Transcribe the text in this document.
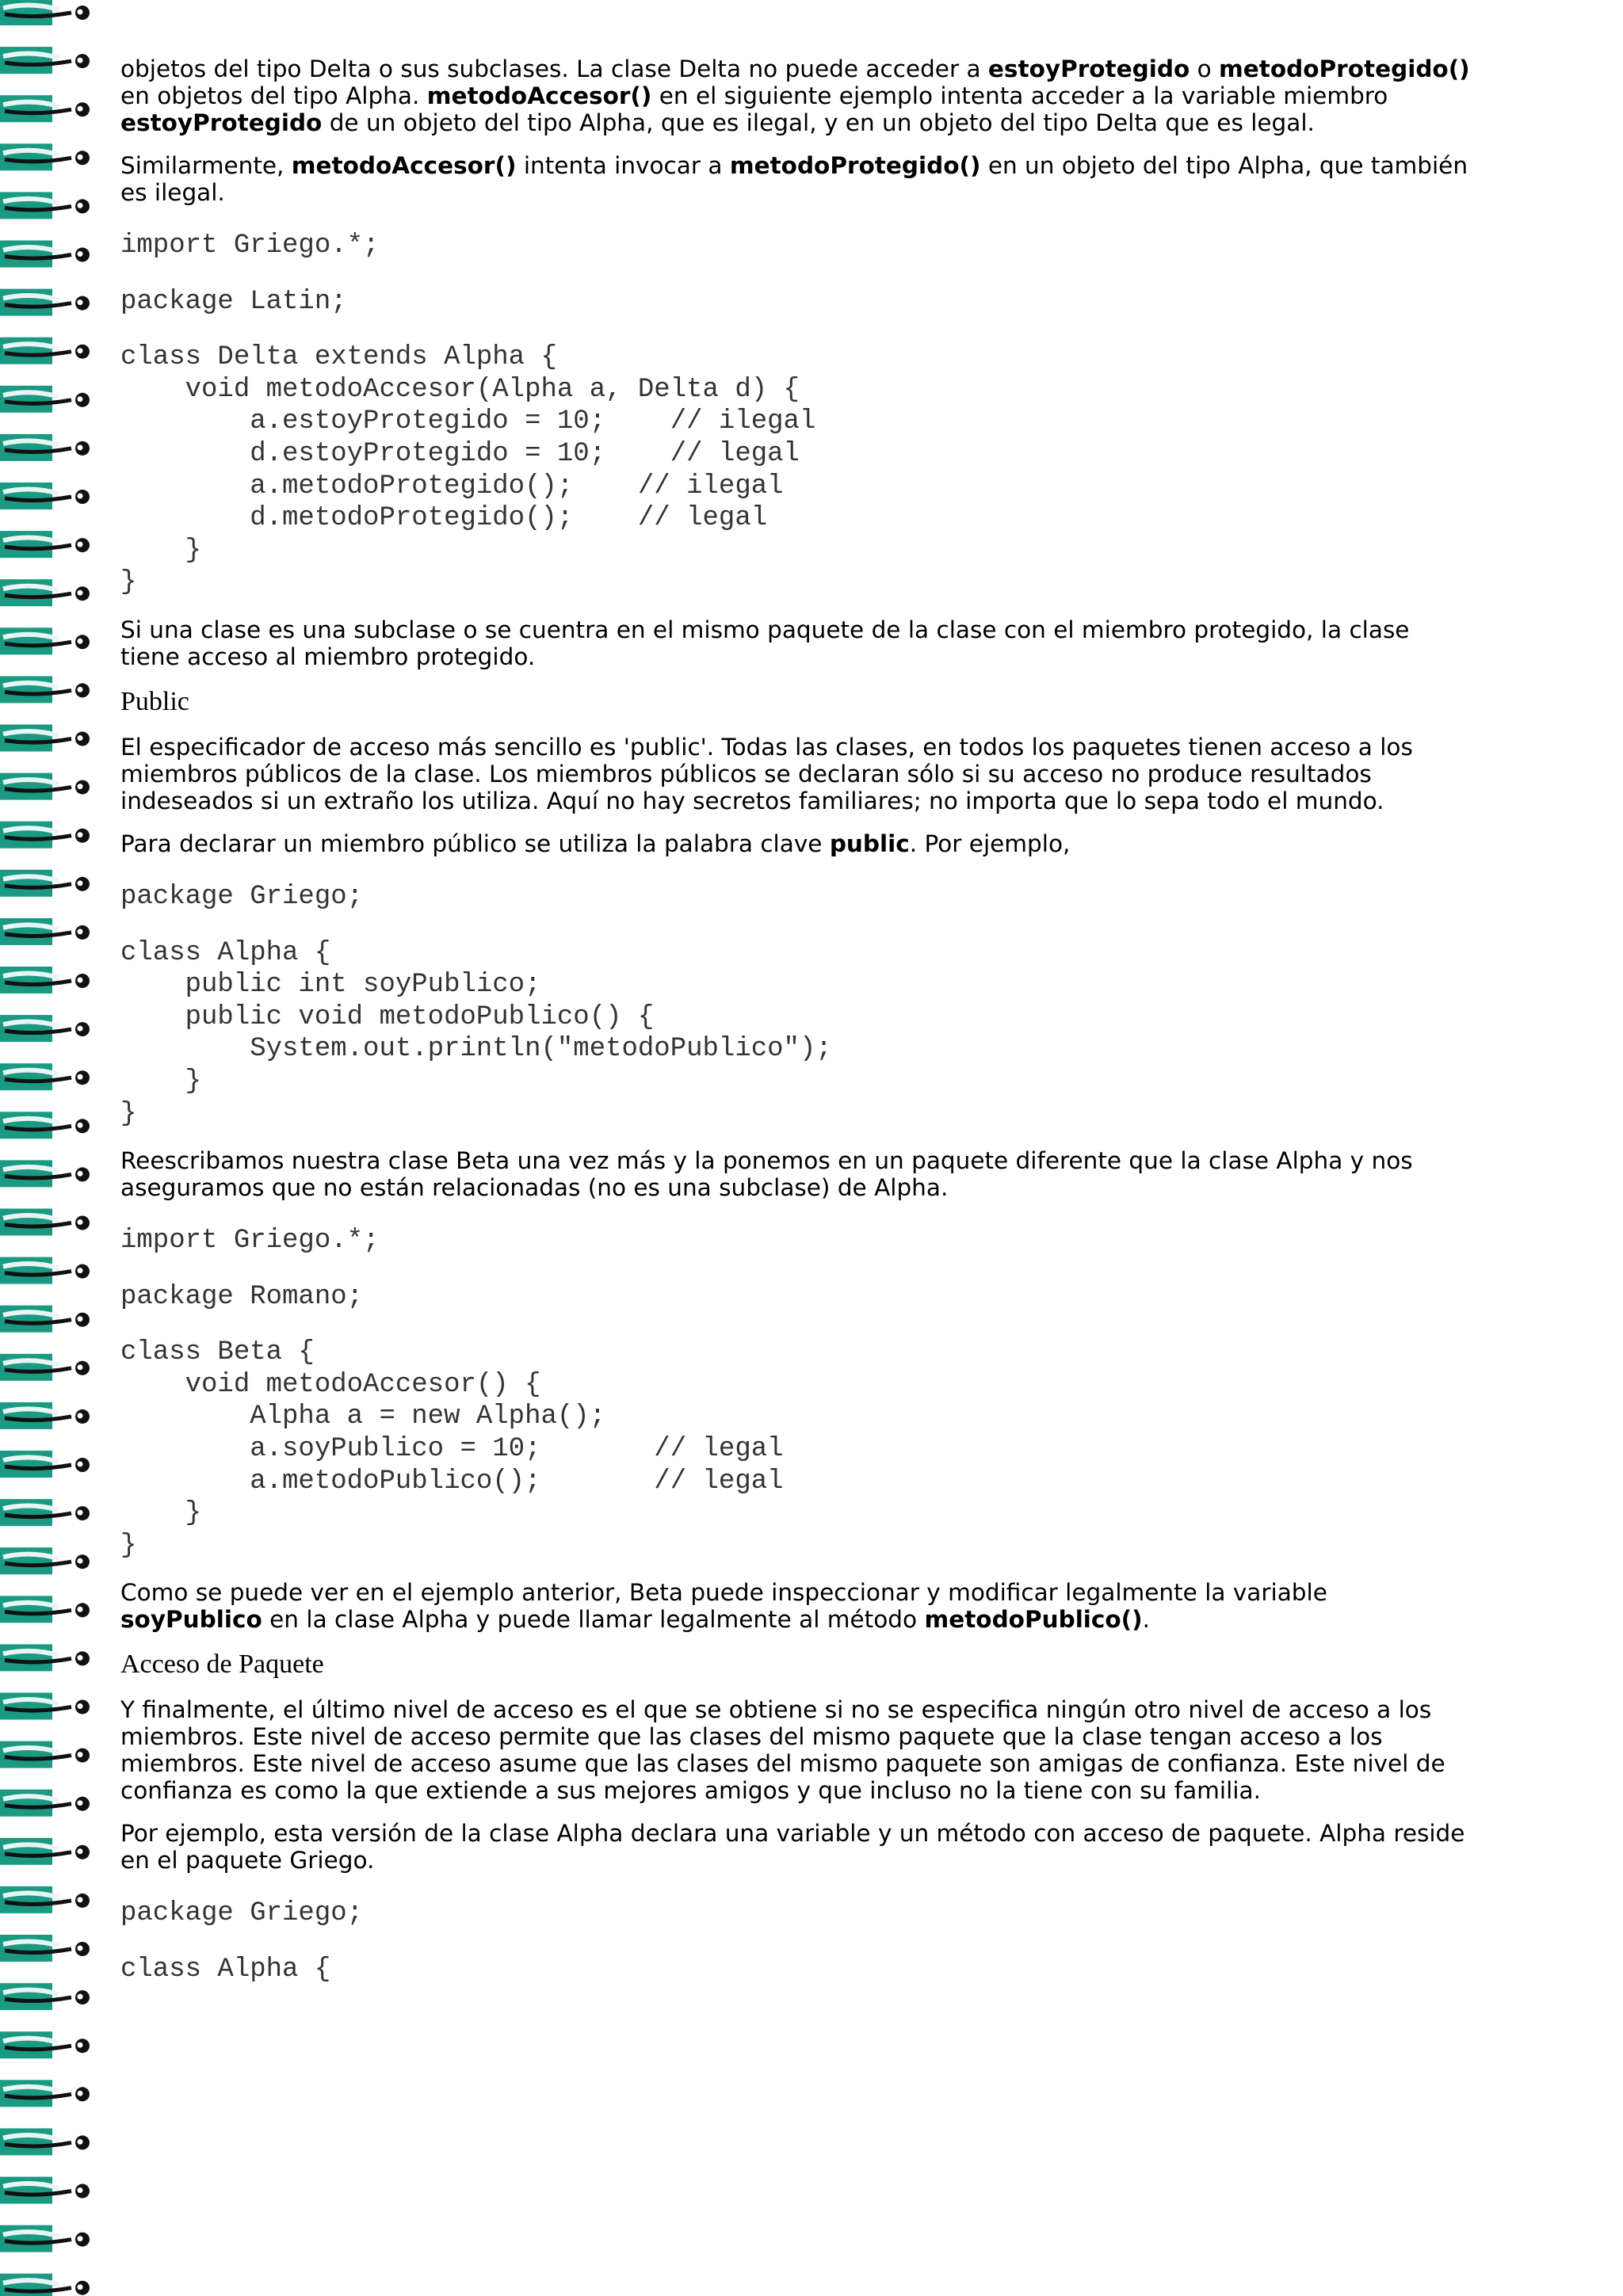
objetos del tipo Delta o sus subclases. La clase Delta no puede acceder a estoyProtegido o metodoProtegido() en objetos del tipo Alpha. metodoAccesor() en el siguiente ejemplo intenta acceder a la variable miembro estoyProtegido de un objeto del tipo Alpha, que es ilegal, y en un objeto del tipo Delta que es legal.

Similarmente, metodoAccesor() intenta invocar a metodoProtegido() en un objeto del tipo Alpha, que también es ilegal.

import Griego.*;
package Latin;
class Delta extends Alpha {
void metodoAccesor(Alpha a, Delta d) {
a.estoyProtegido = 10;    // ilegal
d.estoyProtegido = 10;    // legal
a.metodoProtegido();    // ilegal
d.metodoProtegido();    // legal
}
}

Si una clase es una subclase o se cuentra en el mismo paquete de la clase con el miembro protegido, la clase tiene acceso al miembro protegido.

Public

El especificador de acceso más sencillo es 'public'. Todas las clases, en todos los paquetes tienen acceso a los miembros públicos de la clase. Los miembros públicos se declaran sólo si su acceso no produce resultados indeseados si un extraño los utiliza. Aquí no hay secretos familiares; no importa que lo sepa todo el mundo.

Para declarar un miembro público se utiliza la palabra clave public. Por ejemplo,

package Griego;
class Alpha {
public int soyPublico;
public void metodoPublico() {
System.out.println("metodoPublico");
}
}

Reescribamos nuestra clase Beta una vez más y la ponemos en un paquete diferente que la clase Alpha y nos aseguramos que no están relacionadas (no es una subclase) de Alpha.

import Griego.*;
package Romano;
class Beta {
void metodoAccesor() {
Alpha a = new Alpha();
a.soyPublico = 10;       // legal
a.metodoPublico();       // legal
}
}

Como se puede ver en el ejemplo anterior, Beta puede inspeccionar y modificar legalmente la variable soyPublico en la clase Alpha y puede llamar legalmente al método metodoPublico().

Acceso de Paquete

Y finalmente, el último nivel de acceso es el que se obtiene si no se especifica ningún otro nivel de acceso a los miembros. Este nivel de acceso permite que las clases del mismo paquete que la clase tengan acceso a los miembros. Este nivel de acceso asume que las clases del mismo paquete son amigas de confianza. Este nivel de confianza es como la que extiende a sus mejores amigos y que incluso no la tiene con su familia.

Por ejemplo, esta versión de la clase Alpha declara una variable y un método con acceso de paquete. Alpha reside en el paquete Griego.

package Griego;
class Alpha {
